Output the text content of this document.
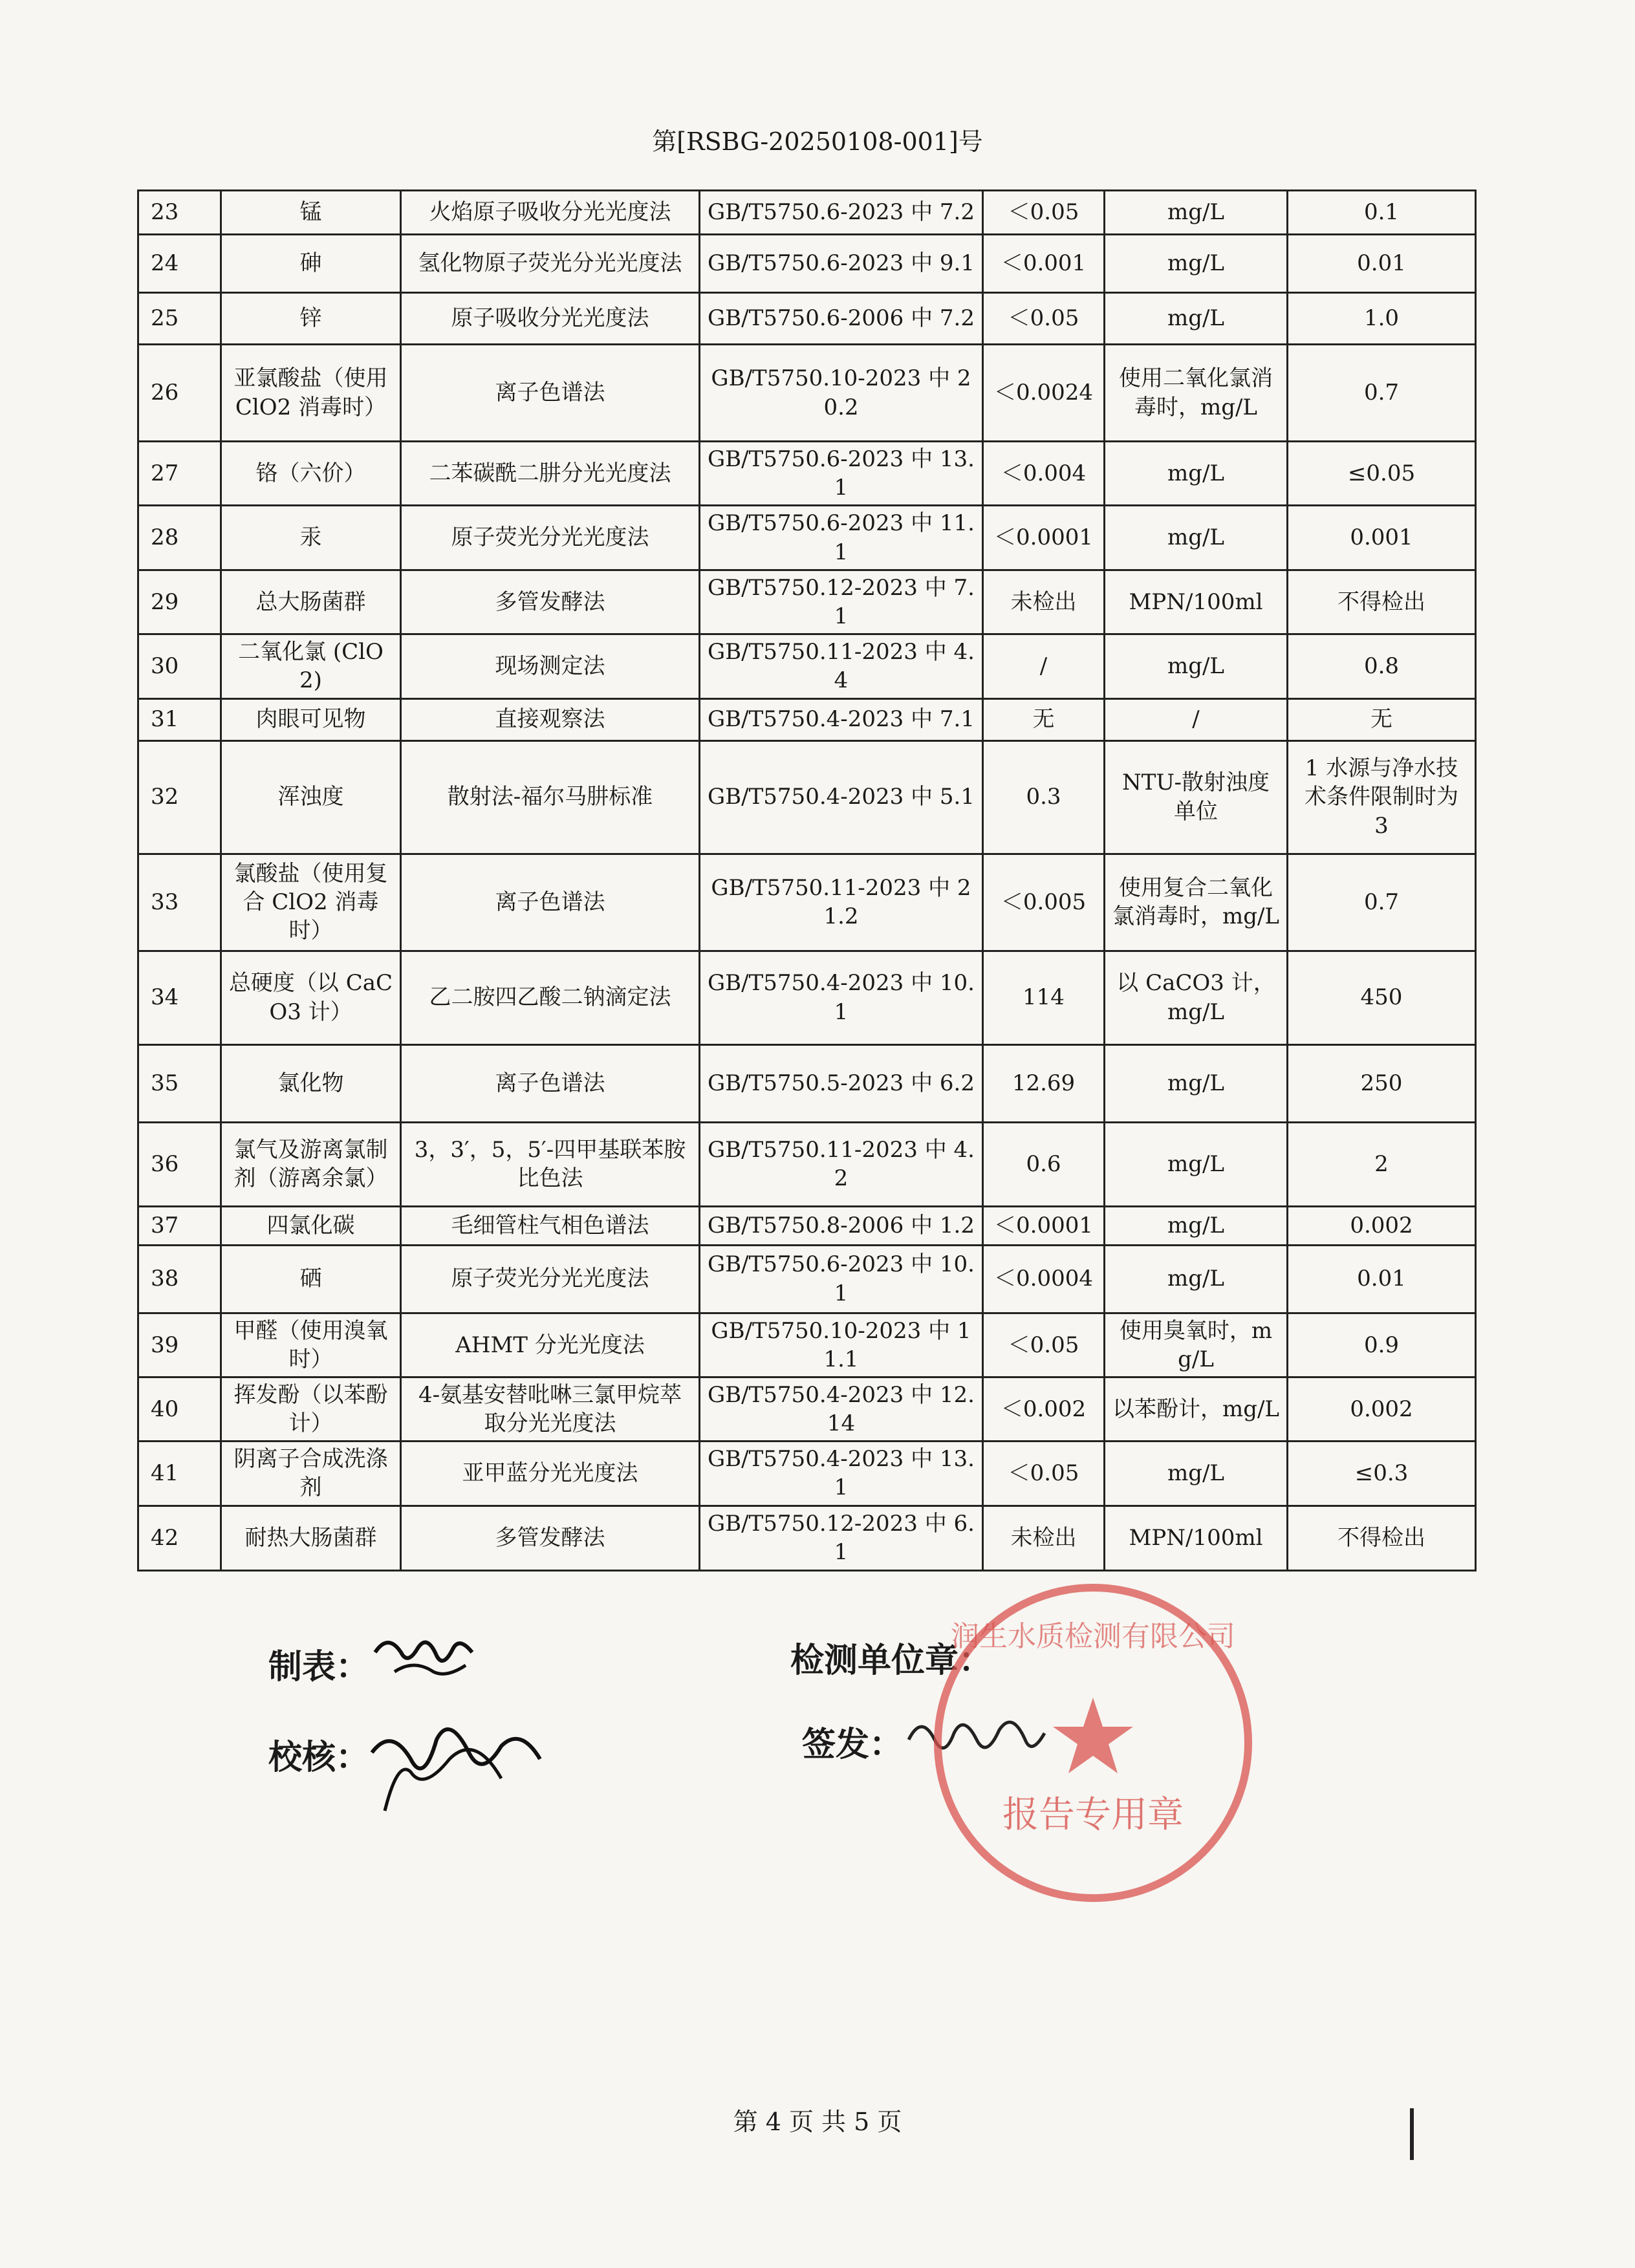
第[RSBG-20250108-001]号
23	锰	火焰原子吸收分光光度法	GB/T5750.6-2023 中 7.2	＜0.05	mg/L	0.1
24	砷	氢化物原子荧光分光光度法	GB/T5750.6-2023 中 9.1	＜0.001	mg/L	0.01
25	锌	原子吸收分光光度法	GB/T5750.6-2006 中 7.2	＜0.05	mg/L	1.0
26	亚氯酸盐（使用 ClO2 消毒时）	离子色谱法	GB/T5750.10-2023 中 20.2	＜0.0024	使用二氧化氯消毒时，mg/L	0.7
27	铬（六价）	二苯碳酰二肼分光光度法	GB/T5750.6-2023 中 13.1	＜0.004	mg/L	≤0.05
28	汞	原子荧光分光光度法	GB/T5750.6-2023 中 11.1	＜0.0001	mg/L	0.001
29	总大肠菌群	多管发酵法	GB/T5750.12-2023 中 7.1	未检出	MPN/100ml	不得检出
30	二氧化氯 (ClO2)	现场测定法	GB/T5750.11-2023 中 4.4	/	mg/L	0.8
31	肉眼可见物	直接观察法	GB/T5750.4-2023 中 7.1	无	/	无
32	浑浊度	散射法-福尔马肼标准	GB/T5750.4-2023 中 5.1	0.3	NTU-散射浊度单位	1 水源与净水技术条件限制时为 3
33	氯酸盐（使用复合 ClO2 消毒时）	离子色谱法	GB/T5750.11-2023 中 21.2	＜0.005	使用复合二氧化氯消毒时，mg/L	0.7
34	总硬度（以 CaCO3 计）	乙二胺四乙酸二钠滴定法	GB/T5750.4-2023 中 10.1	114	以 CaCO3 计，mg/L	450
35	氯化物	离子色谱法	GB/T5750.5-2023 中 6.2	12.69	mg/L	250
36	氯气及游离氯制剂（游离余氯）	3，3′，5，5′-四甲基联苯胺比色法	GB/T5750.11-2023 中 4.2	0.6	mg/L	2
37	四氯化碳	毛细管柱气相色谱法	GB/T5750.8-2006 中 1.2	＜0.0001	mg/L	0.002
38	硒	原子荧光分光光度法	GB/T5750.6-2023 中 10.1	＜0.0004	mg/L	0.01
39	甲醛（使用溴氧时）	AHMT 分光光度法	GB/T5750.10-2023 中 11.1	＜0.05	使用臭氧时，mg/L	0.9
40	挥发酚（以苯酚计）	4-氨基安替吡啉三氯甲烷萃取分光光度法	GB/T5750.4-2023 中 12.14	＜0.002	以苯酚计，mg/L	0.002
41	阴离子合成洗涤剂	亚甲蓝分光光度法	GB/T5750.4-2023 中 13.1	＜0.05	mg/L	≤0.3
42	耐热大肠菌群	多管发酵法	GB/T5750.12-2023 中 6.1	未检出	MPN/100ml	不得检出
制表：
校核：
检测单位章：
签发：
报告专用章
润生水质检测有限公司
第 4 页 共 5 页
